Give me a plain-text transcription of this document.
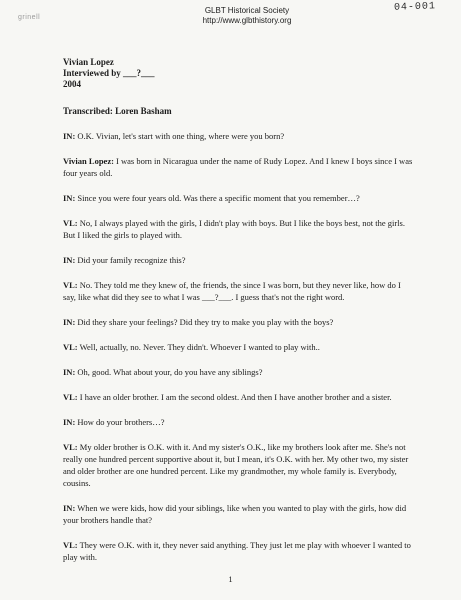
grinell
04-001
GLBT Historical Society
http://www.glbthistory.org
Vivian Lopez
Interviewed by ___?___
2004
Transcribed: Loren Basham

IN: O.K. Vivian, let's start with one thing, where were you born?

Vivian Lopez: I was born in Nicaragua under the name of Rudy Lopez. And I knew I boys since I was four years old.

IN: Since you were four years old. Was there a specific moment that you remember…?

VL: No, I always played with the girls, I didn't play with boys. But I like the boys best, not the girls. But I liked the girls to played with.

IN: Did your family recognize this?

VL: No. They told me they knew of, the friends, the since I was born, but they never like, how do I say, like what did they see to what I was ___?___. I guess that's not the right word.

IN: Did they share your feelings? Did they try to make you play with the boys?

VL: Well, actually, no. Never. They didn't. Whoever I wanted to play with..

IN: Oh, good. What about your, do you have any siblings?

VL: I have an older brother. I am the second oldest. And then I have another brother and a sister.

IN: How do your brothers…?

VL: My older brother is O.K. with it. And my sister's O.K., like my brothers look after me. She's not really one hundred percent supportive about it, but I mean, it's O.K. with her. My other two, my sister and older brother are one hundred percent. Like my grandmother, my whole family is. Everybody, cousins.

IN: When we were kids, how did your siblings, like when you wanted to play with the girls, how did your brothers handle that?

VL: They were O.K. with it, they never said anything. They just let me play with whoever I wanted to play with.

1
